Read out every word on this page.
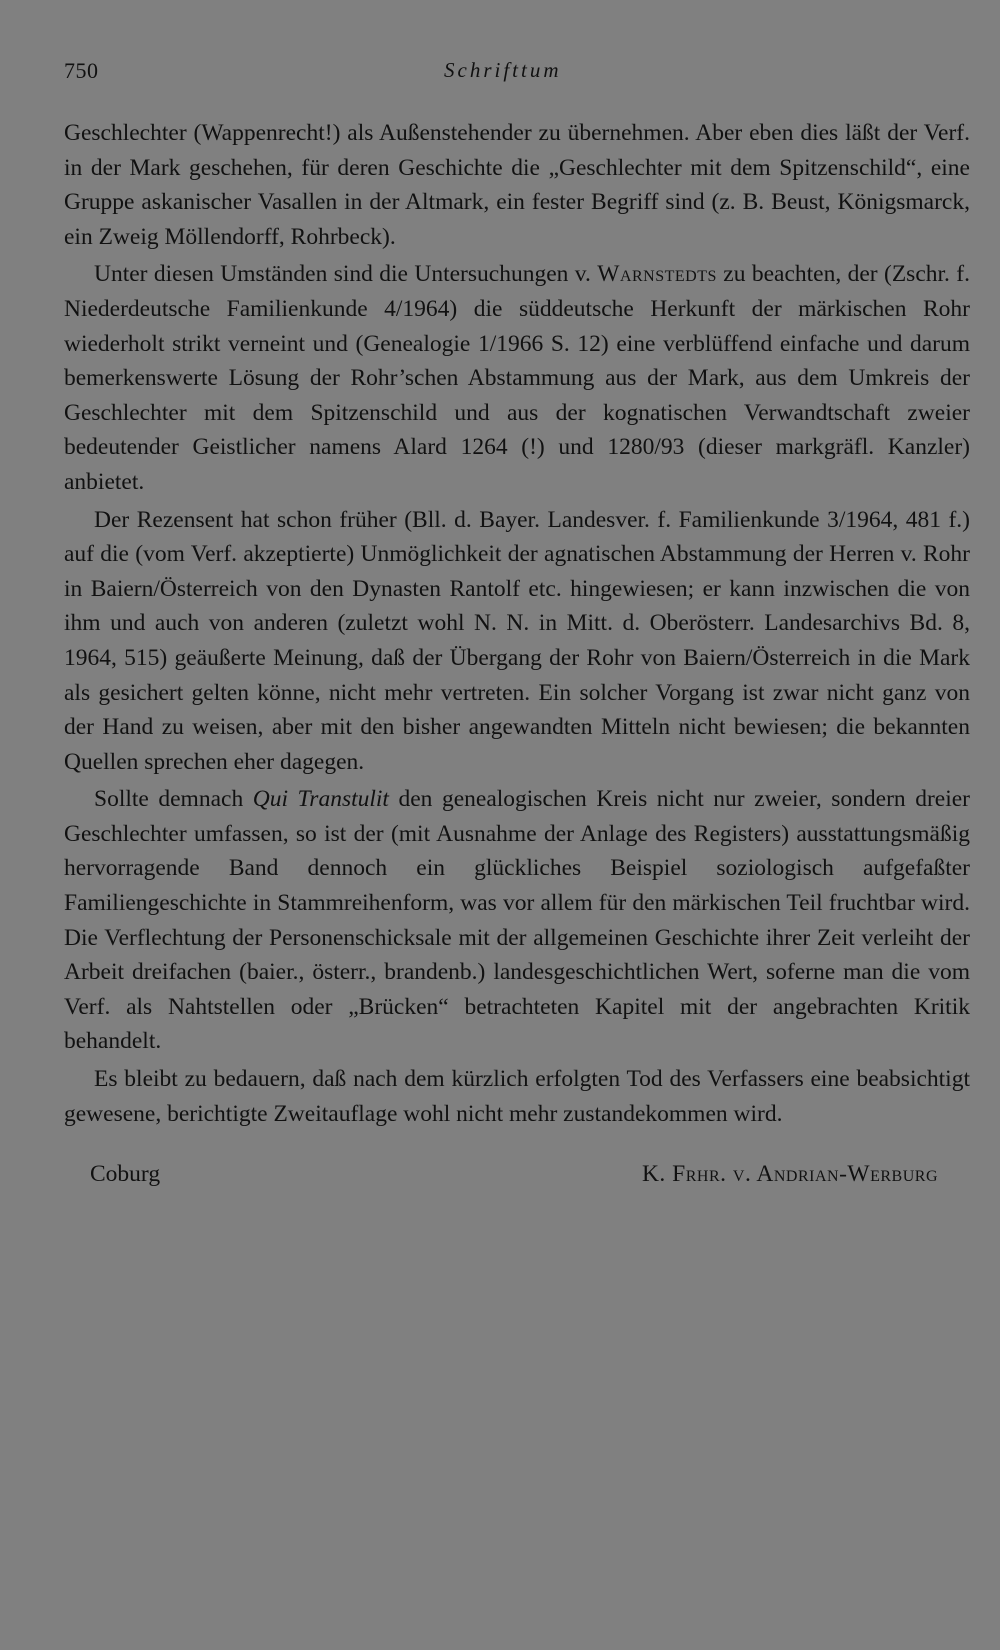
750	Schrifttum

Geschlechter (Wappenrecht!) als Außenstehender zu übernehmen. Aber eben dies läßt der Verf. in der Mark geschehen, für deren Geschichte die „Geschlechter mit dem Spitzenschild“, eine Gruppe askanischer Vasallen in der Altmark, ein fester Begriff sind (z. B. Beust, Königsmarck, ein Zweig Möllendorff, Rohrbeck).

Unter diesen Umständen sind die Untersuchungen v. Warnstedts zu beachten, der (Zschr. f. Niederdeutsche Familienkunde 4/1964) die süddeutsche Herkunft der märkischen Rohr wiederholt strikt verneint und (Genealogie 1/1966 S. 12) eine verblüffend einfache und darum bemerkenswerte Lösung der Rohr’schen Abstammung aus der Mark, aus dem Umkreis der Geschlechter mit dem Spitzenschild und aus der kognatischen Verwandtschaft zweier bedeutender Geistlicher namens Alard 1264 (!) und 1280/93 (dieser markgräfl. Kanzler) anbietet.

Der Rezensent hat schon früher (Bll. d. Bayer. Landesver. f. Familienkunde 3/1964, 481 f.) auf die (vom Verf. akzeptierte) Unmöglichkeit der agnatischen Abstammung der Herren v. Rohr in Baiern/Österreich von den Dynasten Rantolf etc. hingewiesen; er kann inzwischen die von ihm und auch von anderen (zuletzt wohl N. N. in Mitt. d. Oberösterr. Landesarchivs Bd. 8, 1964, 515) geäußerte Meinung, daß der Übergang der Rohr von Baiern/Österreich in die Mark als gesichert gelten könne, nicht mehr vertreten. Ein solcher Vorgang ist zwar nicht ganz von der Hand zu weisen, aber mit den bisher angewandten Mitteln nicht bewiesen; die bekannten Quellen sprechen eher dagegen.

Sollte demnach Qui Transtulit den genealogischen Kreis nicht nur zweier, sondern dreier Geschlechter umfassen, so ist der (mit Ausnahme der Anlage des Registers) ausstattungsmäßig hervorragende Band dennoch ein glückliches Beispiel soziologisch aufgefaßter Familiengeschichte in Stammreihenform, was vor allem für den märkischen Teil fruchtbar wird. Die Verflechtung der Personenschicksale mit der allgemeinen Geschichte ihrer Zeit verleiht der Arbeit dreifachen (baier., österr., brandenb.) landesgeschichtlichen Wert, soferne man die vom Verf. als Nahtstellen oder „Brücken“ betrachteten Kapitel mit der angebrachten Kritik behandelt.

Es bleibt zu bedauern, daß nach dem kürzlich erfolgten Tod des Verfassers eine beabsichtigt gewesene, berichtigte Zweitauflage wohl nicht mehr zustandekommen wird.

Coburg	K. Frhr. v. Andrian-Werburg
